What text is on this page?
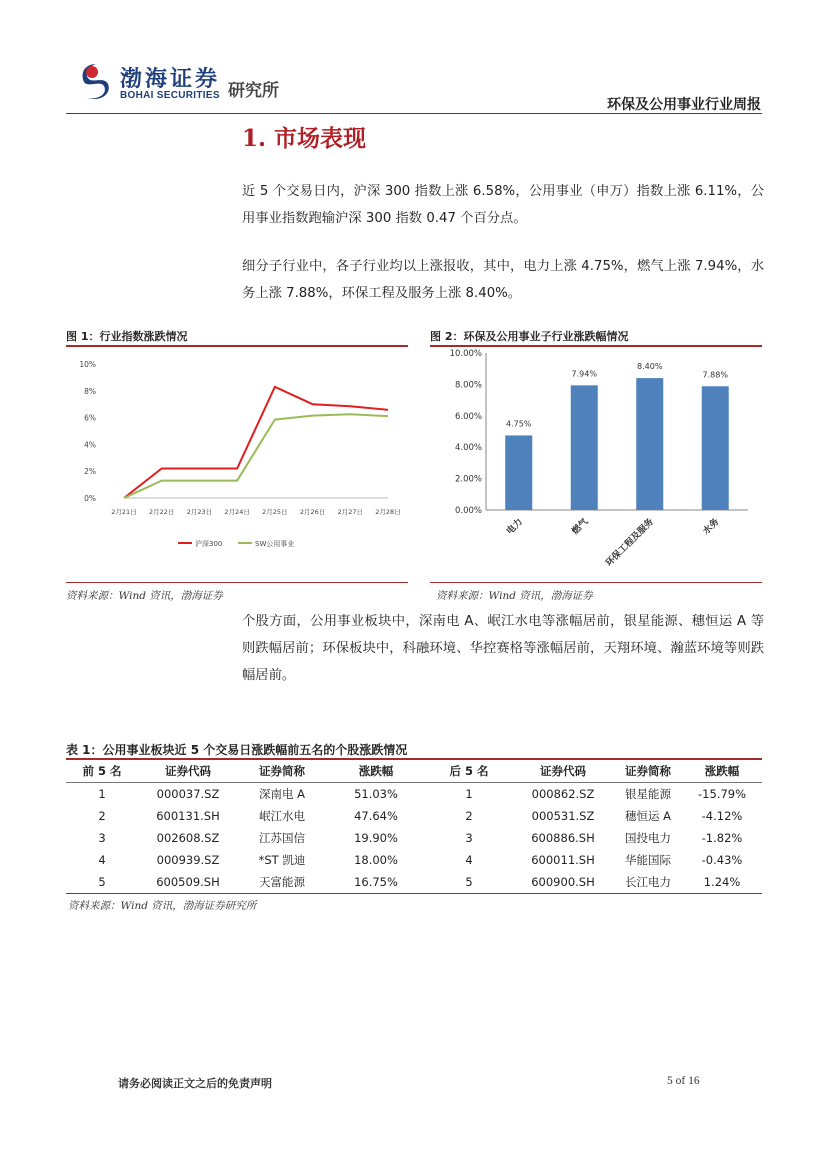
渤海证券
BOHAI SECURITIES 研究所
环保及公用事业行业周报
1. 市场表现
近 5 个交易日内，沪深 300 指数上涨 6.58%，公用事业（申万）指数上涨 6.11%，公用事业指数跑输沪深 300 指数 0.47 个百分点。
细分子行业中，各子行业均以上涨报收，其中，电力上涨 4.75%，燃气上涨 7.94%，水务上涨 7.88%，环保工程及服务上涨 8.40%。
图 1：行业指数涨跌情况
0%
2%
4%
6%
8%
10%
2月21日 2月22日 2月23日 2月24日 2月25日 2月26日 2月27日 2月28日
沪深300	SW公用事业
资料来源：Wind 资讯，渤海证券
图 2：环保及公用事业子行业涨跌幅情况
0.00%
2.00%
4.00%
6.00%
8.00%
10.00%
4.75%
7.94%
8.40%
7.88%
电力	燃气 环保工程及服务	水务
资料来源：Wind 资讯，渤海证券
个股方面，公用事业板块中，深南电 A、岷江水电等涨幅居前，银星能源、穗恒运 A 等则跌幅居前；环保板块中，科融环境、华控赛格等涨幅居前，天翔环境、瀚蓝环境等则跌幅居前。
表 1：公用事业板块近 5 个交易日涨跌幅前五名的个股涨跌情况
前 5 名	证券代码	证券简称	涨跌幅	后 5 名	证券代码	证券简称	涨跌幅
1	000037.SZ	深南电 A	51.03%	1	000862.SZ	银星能源	-15.79%
2	600131.SH	岷江水电	47.64%	2	000531.SZ	穗恒运 A	-4.12%
3	002608.SZ	江苏国信	19.90%	3	600886.SH	国投电力	-1.82%
4	000939.SZ	*ST 凯迪	18.00%	4	600011.SH	华能国际	-0.43%
5	600509.SH	天富能源	16.75%	5	600900.SH	长江电力	1.24%
资料来源：Wind 资讯，渤海证券研究所
请务必阅读正文之后的免责声明	5 of 16
